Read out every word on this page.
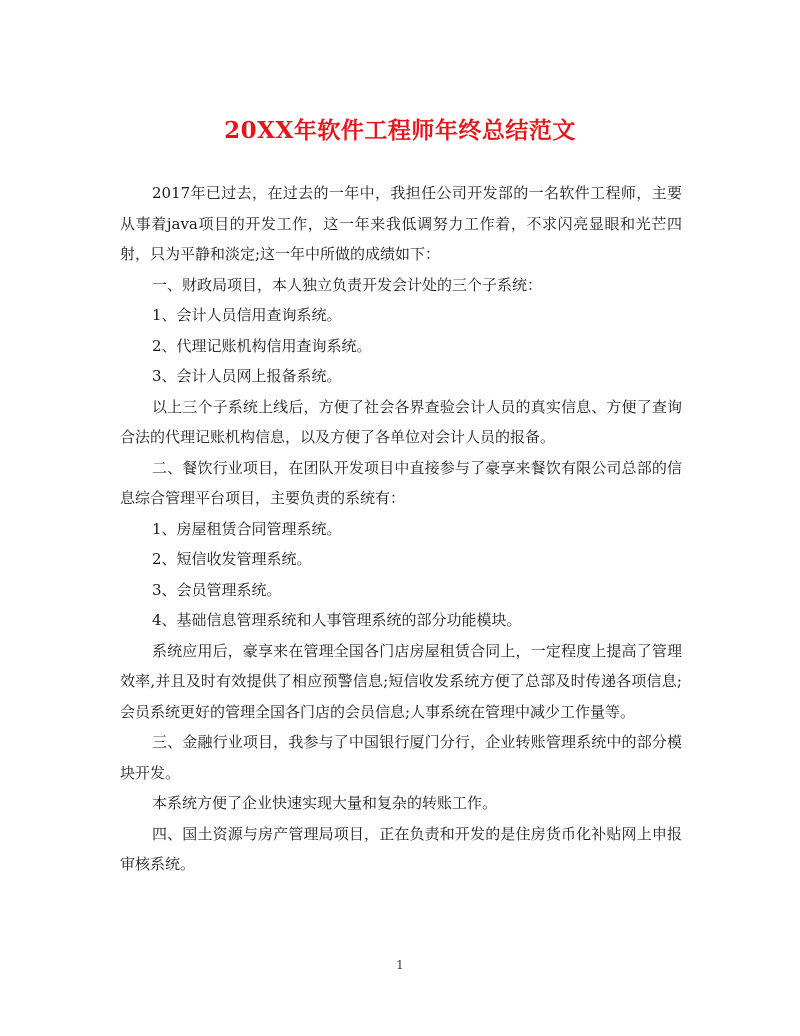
20XX年软件工程师年终总结范文

2017年已过去，在过去的一年中，我担任公司开发部的一名软件工程师，主要从事着java项目的开发工作，这一年来我低调努力工作着，不求闪亮显眼和光芒四射，只为平静和淡定;这一年中所做的成绩如下：

一、财政局项目，本人独立负责开发会计处的三个子系统：

1、会计人员信用查询系统。

2、代理记账机构信用查询系统。

3、会计人员网上报备系统。

以上三个子系统上线后，方便了社会各界查验会计人员的真实信息、方便了查询合法的代理记账机构信息，以及方便了各单位对会计人员的报备。

二、餐饮行业项目，在团队开发项目中直接参与了豪享来餐饮有限公司总部的信息综合管理平台项目，主要负责的系统有：

1、房屋租赁合同管理系统。

2、短信收发管理系统。

3、会员管理系统。

4、基础信息管理系统和人事管理系统的部分功能模块。

系统应用后，豪享来在管理全国各门店房屋租赁合同上，一定程度上提高了管理效率,并且及时有效提供了相应预警信息;短信收发系统方便了总部及时传递各项信息;会员系统更好的管理全国各门店的会员信息;人事系统在管理中减少工作量等。

三、金融行业项目，我参与了中国银行厦门分行，企业转账管理系统中的部分模块开发。

本系统方便了企业快速实现大量和复杂的转账工作。

四、国土资源与房产管理局项目，正在负责和开发的是住房货币化补贴网上申报审核系统。

1
